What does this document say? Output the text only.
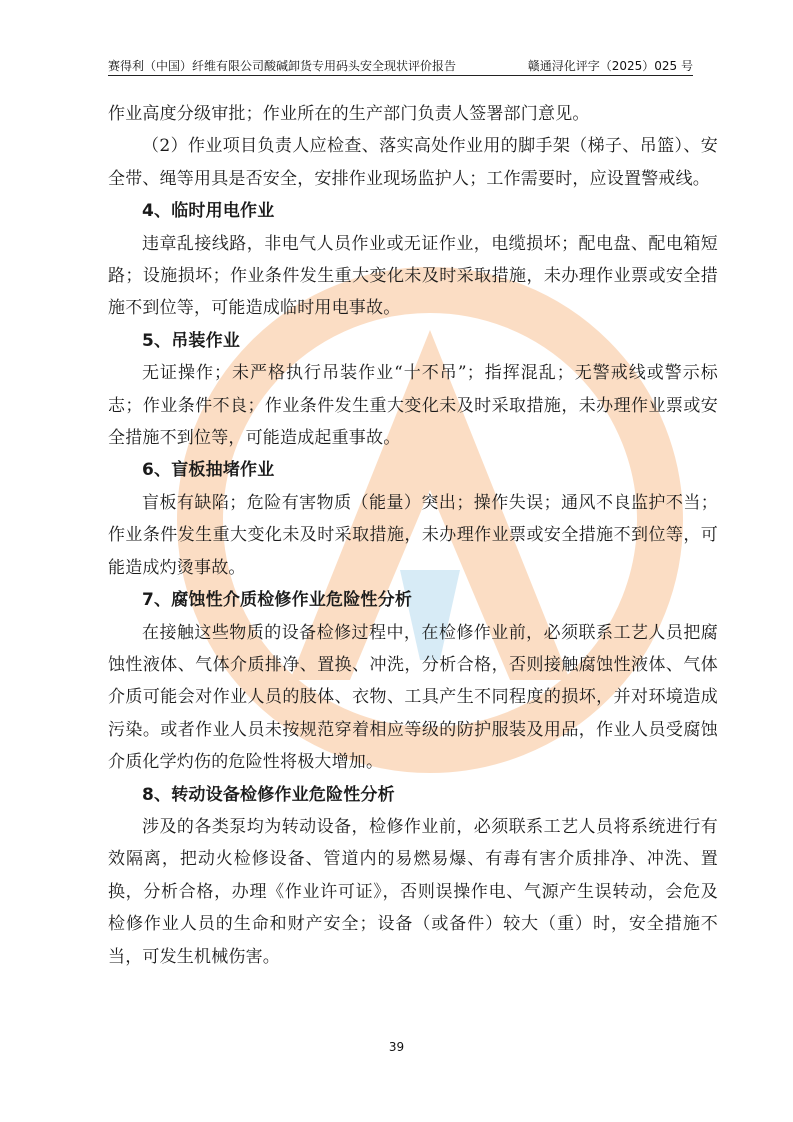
赛得利（中国）纤维有限公司酸碱卸货专用码头安全现状评价报告	赣通浔化评字（2025）025 号

作业高度分级审批；作业所在的生产部门负责人签署部门意见。

（2）作业项目负责人应检查、落实高处作业用的脚手架（梯子、吊篮）、安全带、绳等用具是否安全，安排作业现场监护人；工作需要时，应设置警戒线。

4、临时用电作业

违章乱接线路，非电气人员作业或无证作业，电缆损坏；配电盘、配电箱短路；设施损坏；作业条件发生重大变化未及时采取措施，未办理作业票或安全措施不到位等，可能造成临时用电事故。

5、吊装作业

无证操作；未严格执行吊装作业“十不吊”；指挥混乱；无警戒线或警示标志；作业条件不良；作业条件发生重大变化未及时采取措施，未办理作业票或安全措施不到位等，可能造成起重事故。

6、盲板抽堵作业

盲板有缺陷；危险有害物质（能量）突出；操作失误；通风不良监护不当；作业条件发生重大变化未及时采取措施，未办理作业票或安全措施不到位等，可能造成灼烫事故。

7、腐蚀性介质检修作业危险性分析

在接触这些物质的设备检修过程中，在检修作业前，必须联系工艺人员把腐蚀性液体、气体介质排净、置换、冲洗，分析合格，否则接触腐蚀性液体、气体介质可能会对作业人员的肢体、衣物、工具产生不同程度的损坏，并对环境造成污染。或者作业人员未按规范穿着相应等级的防护服装及用品，作业人员受腐蚀介质化学灼伤的危险性将极大增加。

8、转动设备检修作业危险性分析

涉及的各类泵均为转动设备，检修作业前，必须联系工艺人员将系统进行有效隔离，把动火检修设备、管道内的易燃易爆、有毒有害介质排净、冲洗、置换，分析合格，办理《作业许可证》，否则误操作电、气源产生误转动，会危及检修作业人员的生命和财产安全；设备（或备件）较大（重）时，安全措施不当，可发生机械伤害。

39
